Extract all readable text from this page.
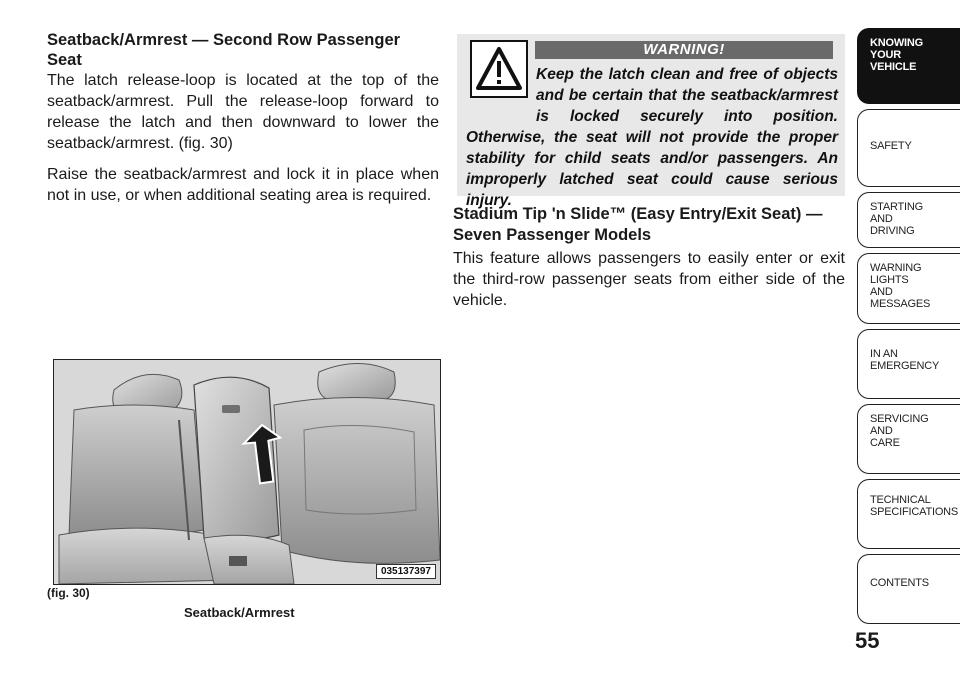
Seatback/Armrest — Second Row Passenger Seat

The latch release-loop is located at the top of the seatback/armrest. Pull the release-loop forward to release the latch and then downward to lower the seatback/armrest. (fig. 30)

Raise the seatback/armrest and lock it in place when not in use, or when additional seating area is required.

035137397
(fig. 30)
Seatback/Armrest
WARNING!
Keep the latch clean and free of objects and be certain that the seatback/armrest is locked securely into position. Otherwise, the seat will not provide the proper stability for child seats and/or passengers. An improperly latched seat could cause serious injury.
Stadium Tip 'n Slide™ (Easy Entry/Exit Seat) — Seven Passenger Models

This feature allows passengers to easily enter or exit the third-row passenger seats from either side of the vehicle.

KNOWING
YOUR
VEHICLE
SAFETY
STARTING
AND
DRIVING
WARNING
LIGHTS
AND
MESSAGES
IN AN
EMERGENCY
SERVICING
AND
CARE
TECHNICAL
SPECIFICATIONS
CONTENTS
55
